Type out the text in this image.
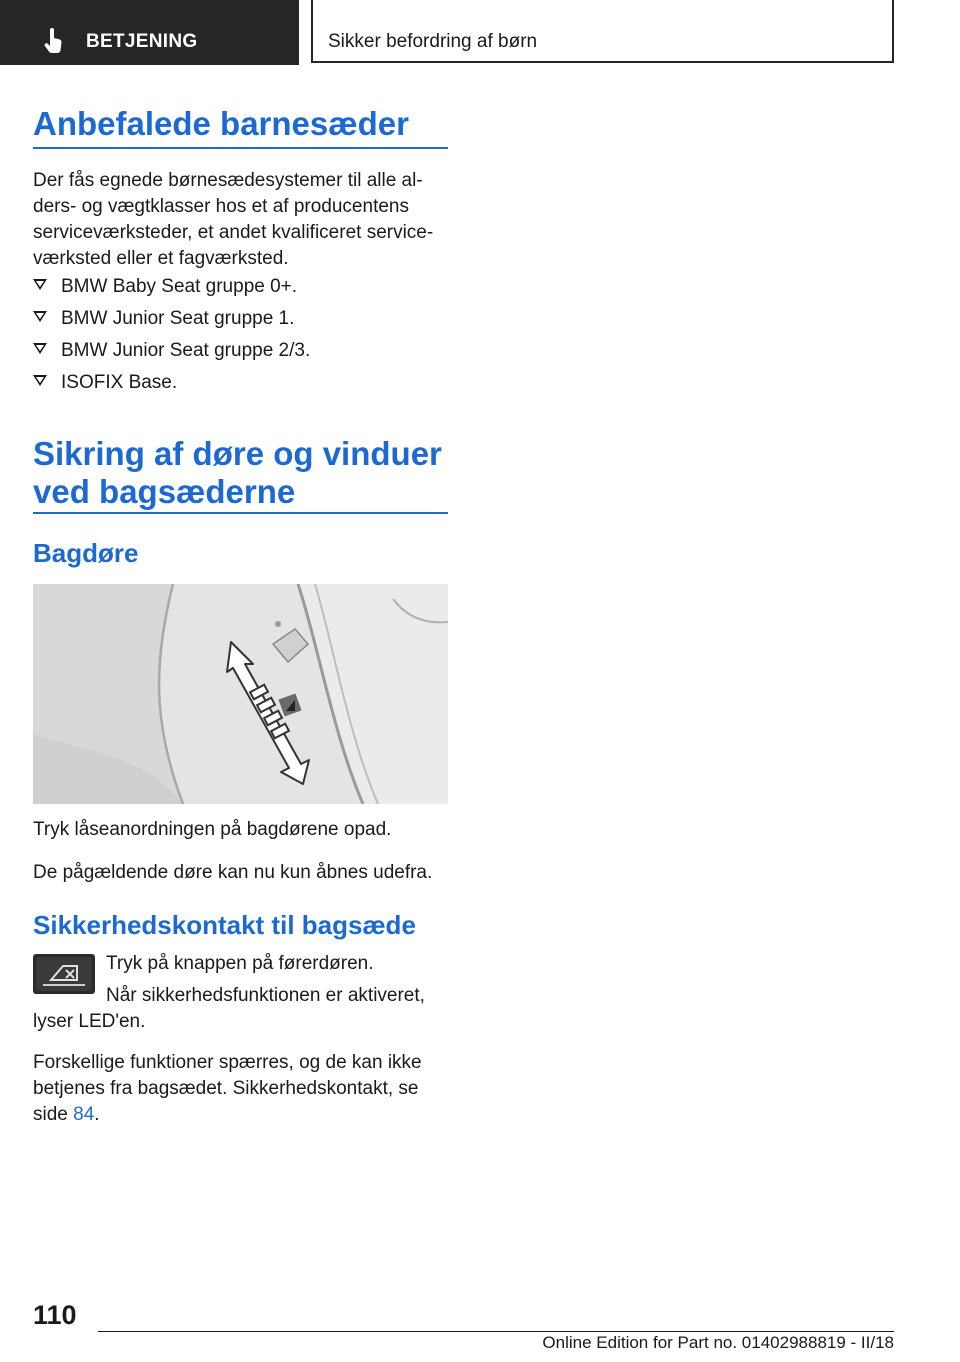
BETJENING	Sikker befordring af børn
Anbefalede barnesæder

Der fås egnede børnesædesystemer til alle al‐
ders- og vægtklasser hos et af producentens
serviceværksteder, et andet kvalificeret service‐
værksted eller et fagværksted.

BMW Baby Seat gruppe 0+.
BMW Junior Seat gruppe 1.
BMW Junior Seat gruppe 2/3.
ISOFIX Base.
Sikring af døre og vinduer
ved bagsæderne
Bagdøre

Tryk låseanordningen på bagdørene opad.

De pågældende døre kan nu kun åbnes udefra.

Sikkerhedskontakt til bagsæde

Tryk på knappen på førerdøren.

Når sikkerhedsfunktionen er aktiveret,
lyser LED'en.

Forskellige funktioner spærres, og de kan ikke
betjenes fra bagsædet. Sikkerhedskontakt, se
side 84.

110
Online Edition for Part no. 01402988819 - II/18
